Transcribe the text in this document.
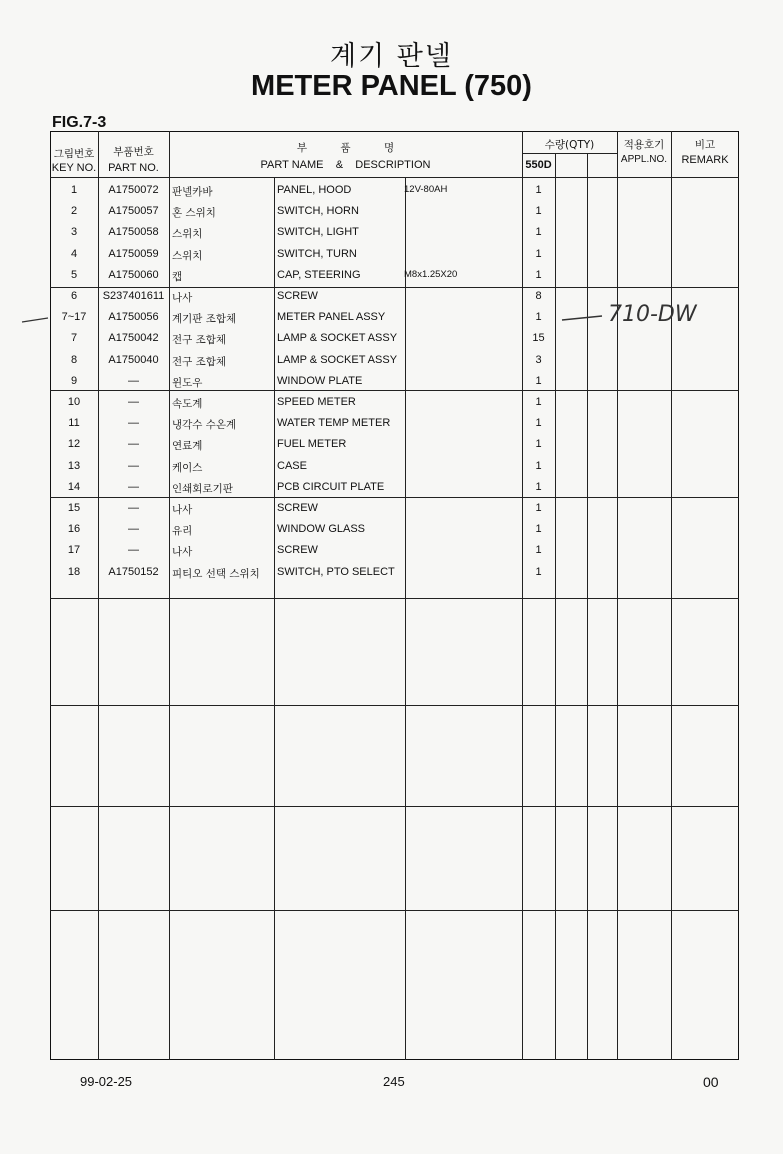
계기 판넬
METER PANEL (750)
FIG.7-3
그림번호
KEY NO.
부품번호
PART NO.
부          품          명
PART NAME    &    DESCRIPTION
수량(QTY)
550D
적용호기
APPL.NO.
비고
REMARK
1	A1750072	판넬카바	PANEL, HOOD	12V-80AH	1
2	A1750057	혼 스위치	SWITCH, HORN	1
3	A1750058	스위치	SWITCH, LIGHT	1
4	A1750059	스위치	SWITCH, TURN	1
5	A1750060	캡	CAP, STEERING	M8x1.25X20	1
6	S237401611 나사	SCREW	8
7~17	A1750056	계기판 조합체	METER PANEL ASSY	1
7	A1750042	전구 조합체	LAMP & SOCKET ASSY	15
8	A1750040	전구 조합체	LAMP & SOCKET ASSY	3
9	—	윈도우	WINDOW PLATE	1
10	—	속도계	SPEED METER	1
11	—	냉각수 수온계	WATER TEMP METER	1
12	—	연료계	FUEL METER	1
13	—	케이스	CASE	1
14	—	인쇄회로기판	PCB CIRCUIT PLATE	1
15	—	나사	SCREW	1
16	—	유리	WINDOW GLASS	1
17	—	나사	SCREW	1
18	A1750152	피티오 선택 스위치	SWITCH, PTO SELECT	1
710-DW
99-02-25	245	00
